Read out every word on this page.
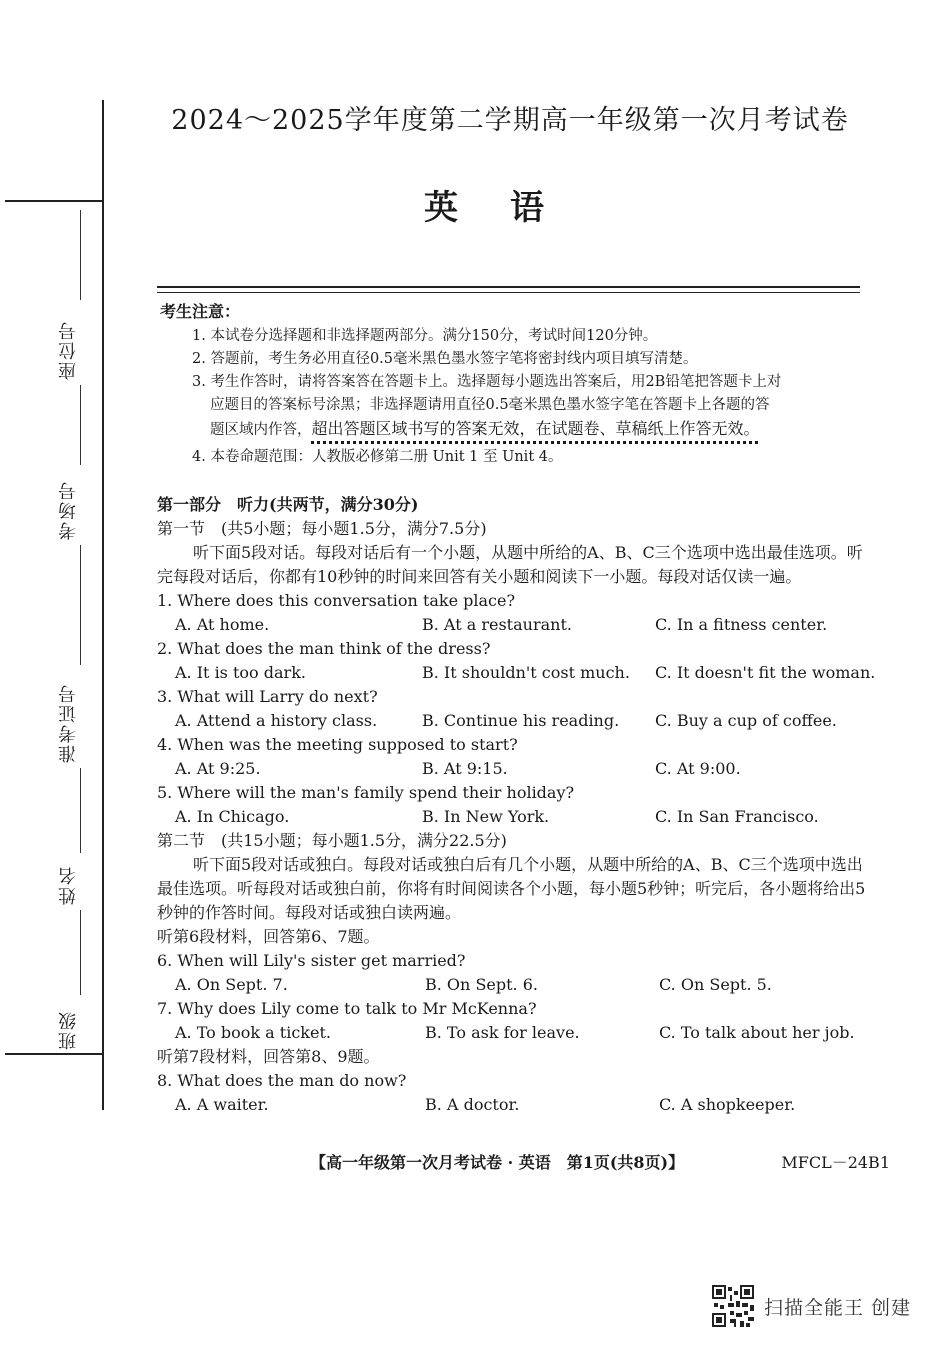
座位号
考场号
准考证号
姓名
班级
2024～2025学年度第二学期高一年级第一次月考试卷
英语
考生注意：
1. 本试卷分选择题和非选择题两部分。满分150分，考试时间120分钟。
2. 答题前，考生务必用直径0.5毫米黑色墨水签字笔将密封线内项目填写清楚。
3. 考生作答时，请将答案答在答题卡上。选择题每小题选出答案后，用2B铅笔把答题卡上对
应题目的答案标号涂黑；非选择题请用直径0.5毫米黑色墨水签字笔在答题卡上各题的答
题区域内作答，超出答题区域书写的答案无效，在试题卷、草稿纸上作答无效。
4. 本卷命题范围：人教版必修第二册 Unit 1 至 Unit 4。

第一部分　听力(共两节，满分30分)

第一节　(共5小题；每小题1.5分，满分7.5分)

听下面5段对话。每段对话后有一个小题，从题中所给的A、B、C三个选项中选出最佳选项。听完每段对话后，你都有10秒钟的时间来回答有关小题和阅读下一小题。每段对话仅读一遍。

1. Where does this conversation take place?

A. At home.	B. At a restaurant.	C. In a fitness center.

2. What does the man think of the dress?

A. It is too dark.	B. It shouldn't cost much.	C. It doesn't fit the woman.

3. What will Larry do next?

A. Attend a history class.	B. Continue his reading.	C. Buy a cup of coffee.

4. When was the meeting supposed to start?

A. At 9:25.	B. At 9:15.	C. At 9:00.

5. Where will the man's family spend their holiday?

A. In Chicago.	B. In New York.	C. In San Francisco.

第二节　(共15小题；每小题1.5分，满分22.5分)

听下面5段对话或独白。每段对话或独白后有几个小题，从题中所给的A、B、C三个选项中选出最佳选项。听每段对话或独白前，你将有时间阅读各个小题，每小题5秒钟；听完后，各小题将给出5秒钟的作答时间。每段对话或独白读两遍。

听第6段材料，回答第6、7题。

6. When will Lily's sister get married?

A. On Sept. 7.	B. On Sept. 6.	C. On Sept. 5.

7. Why does Lily come to talk to Mr McKenna?

A. To book a ticket.	B. To ask for leave.	C. To talk about her job.

听第7段材料，回答第8、9题。

8. What does the man do now?

A. A waiter.	B. A doctor.	C. A shopkeeper.
【高一年级第一次月考试卷 · 英语　第1页(共8页)】	MFCL－24B1
扫描全能王 创建
